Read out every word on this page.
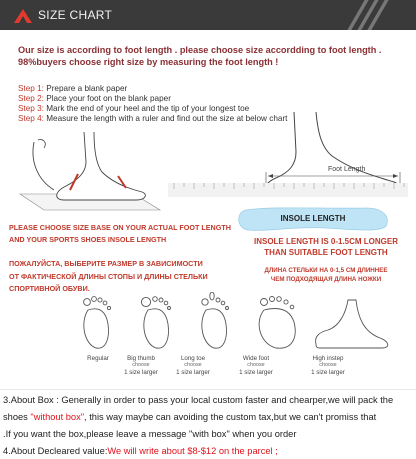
SIZE CHART
Our size is according to foot length . please choose size accordding to foot length .
98%buyers choose right size by measuring the foot length !
Step 1: Prepare a blank paper
Step 2: Place your foot on the blank paper
Step 3: Mark the end of your heel and the tip of your longest toe
Step 4: Measure the length with a ruler and find out the size at below chart
Foot Length
INSOLE LENGTH
PLEASE CHOOSE SIZE BASE ON YOUR ACTUAL FOOT LENGTH
AND YOUR SPORTS SHOES INSOLE LENGTH
ПОЖАЛУЙСТА, ВЫБЕРИТЕ РАЗМЕР В ЗАВИСИМОСТИ
ОТ ФАКТИЧЕСКОЙ ДЛИНЫ СТОПЫ И ДЛИНЫ СТЕЛЬКИ
СПОРТИВНОЙ ОБУВИ.
INSOLE LENGTH IS 0-1.5CM LONGER
THAN SUITABLE FOOT LENGTH
ДЛИНА СТЕЛЬКИ НА 0-1,5 СМ ДЛИННЕЕ
ЧЕМ ПОДХОДЯЩАЯ ДЛИНА НОЖКИ
Regular	Big thumb
choose
1 size larger
Long toe
choose
1 size larger
Wide foot
choose
1 size larger
High instep
choose
1 size larger
3.About Box : Generally in order to pass your local custom faster and chearper,we will pack the
shoes "without box", this way maybe can avoiding the custom tax,but we can't promiss that
.If you want the box,please leave a message "with box" when you order
4.About Decleared value:We will write about $8-$12 on the parcel ;
